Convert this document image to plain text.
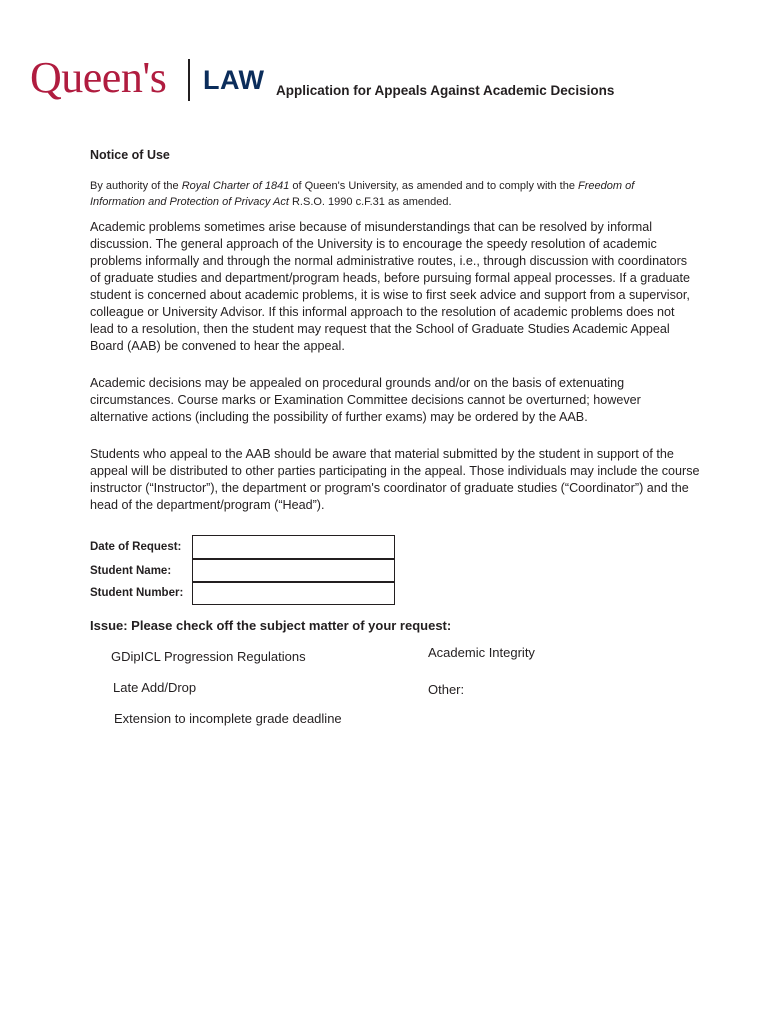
Queen's LAW Application for Appeals Against Academic Decisions
Notice of Use
By authority of the Royal Charter of 1841 of Queen's University, as amended and to comply with the Freedom of Information and Protection of Privacy Act R.S.O. 1990 c.F.31 as amended.

Academic problems sometimes arise because of misunderstandings that can be resolved by informal discussion. The general approach of the University is to encourage the speedy resolution of academic problems informally and through the normal administrative routes, i.e., through discussion with coordinators of graduate studies and department/program heads, before pursuing formal appeal processes. If a graduate student is concerned about academic problems, it is wise to first seek advice and support from a supervisor, colleague or University Advisor. If this informal approach to the resolution of academic problems does not lead to a resolution, then the student may request that the School of Graduate Studies Academic Appeal Board (AAB) be convened to hear the appeal.

Academic decisions may be appealed on procedural grounds and/or on the basis of extenuating circumstances. Course marks or Examination Committee decisions cannot be overturned; however alternative actions (including the possibility of further exams) may be ordered by the AAB.

Students who appeal to the AAB should be aware that material submitted by the student in support of the appeal will be distributed to other parties participating in the appeal. Those individuals may include the course instructor (“Instructor”), the department or program's coordinator of graduate studies (“Coordinator”) and the head of the department/program (“Head”).

Date of Request:
Student Name:
Student Number:
Issue: Please check off the subject matter of your request:
GDipICL Progression Regulations	Academic Integrity
Late Add/Drop	Other:
Extension to incomplete grade deadline
